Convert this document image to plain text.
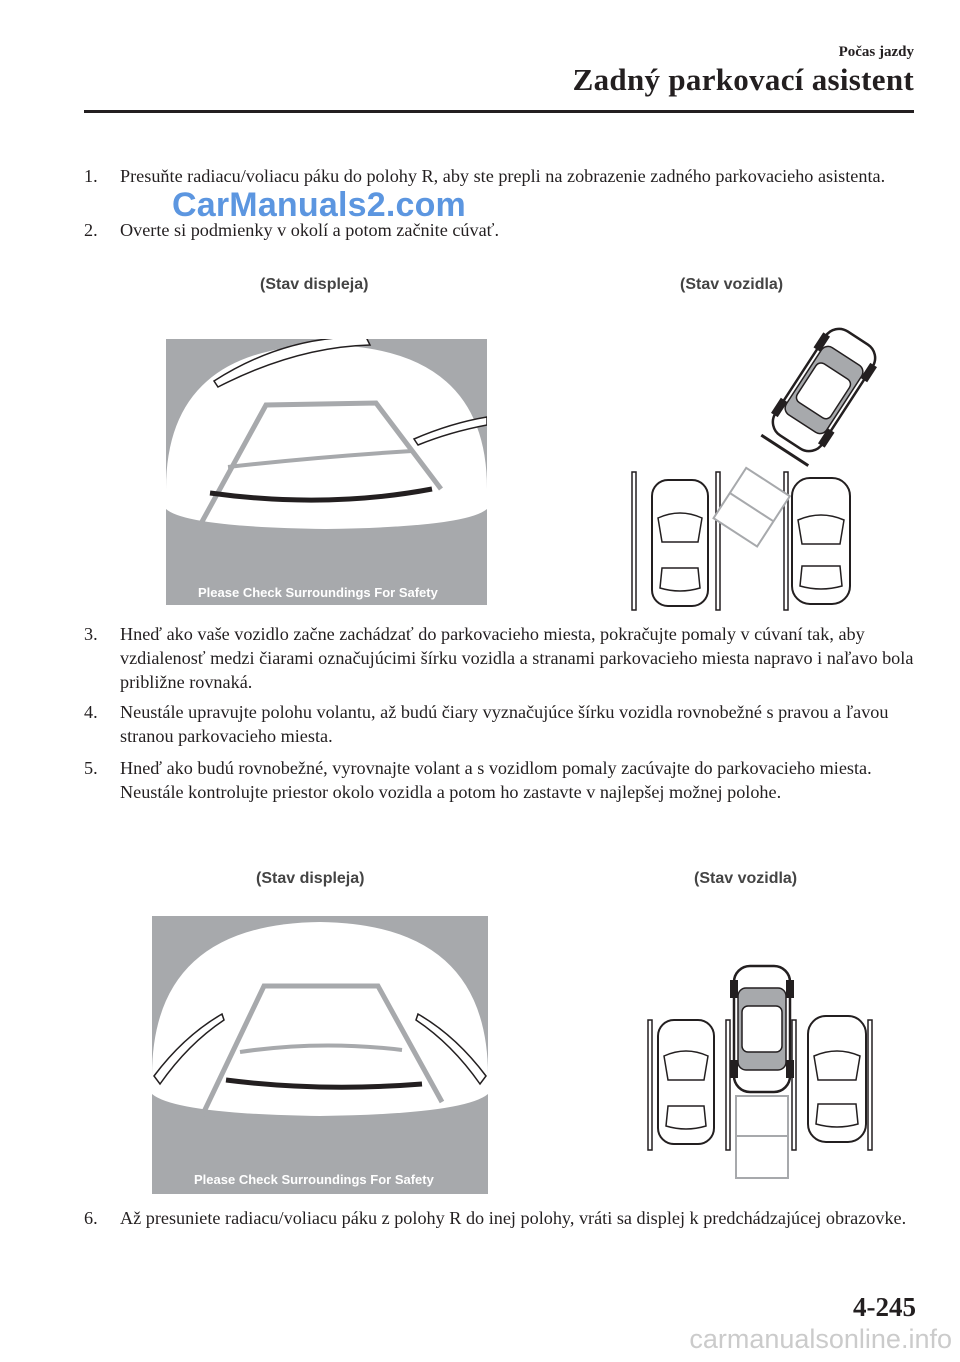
Počas jazdy
Zadný parkovací asistent
1. Presuňte radiacu/voliacu páku do polohy R, aby ste prepli na zobrazenie zadného parkovacieho asistenta.
2. Overte si podmienky v okolí a potom začnite cúvať.
CarManuals2.com
(Stav displeja)	(Stav vozidla)
Please Check Surroundings For Safety
3. Hneď ako vaše vozidlo začne zachádzať do parkovacieho miesta, pokračujte pomaly v cúvaní tak, aby vzdialenosť medzi čiarami označujúcimi šírku vozidla a stranami parkovacieho miesta napravo i naľavo bola približne rovnaká.
4. Neustále upravujte polohu volantu, až budú čiary vyznačujúce šírku vozidla rovnobežné s pravou a ľavou stranou parkovacieho miesta.
5. Hneď ako budú rovnobežné, vyrovnajte volant a s vozidlom pomaly zacúvajte do parkovacieho miesta. Neustále kontrolujte priestor okolo vozidla a potom ho zastavte v najlepšej možnej polohe.
(Stav displeja)	(Stav vozidla)
Please Check Surroundings For Safety
6. Až presuniete radiacu/voliacu páku z polohy R do inej polohy, vráti sa displej k predchádzajúcej obrazovke.
4-245
carmanualsonline.info
